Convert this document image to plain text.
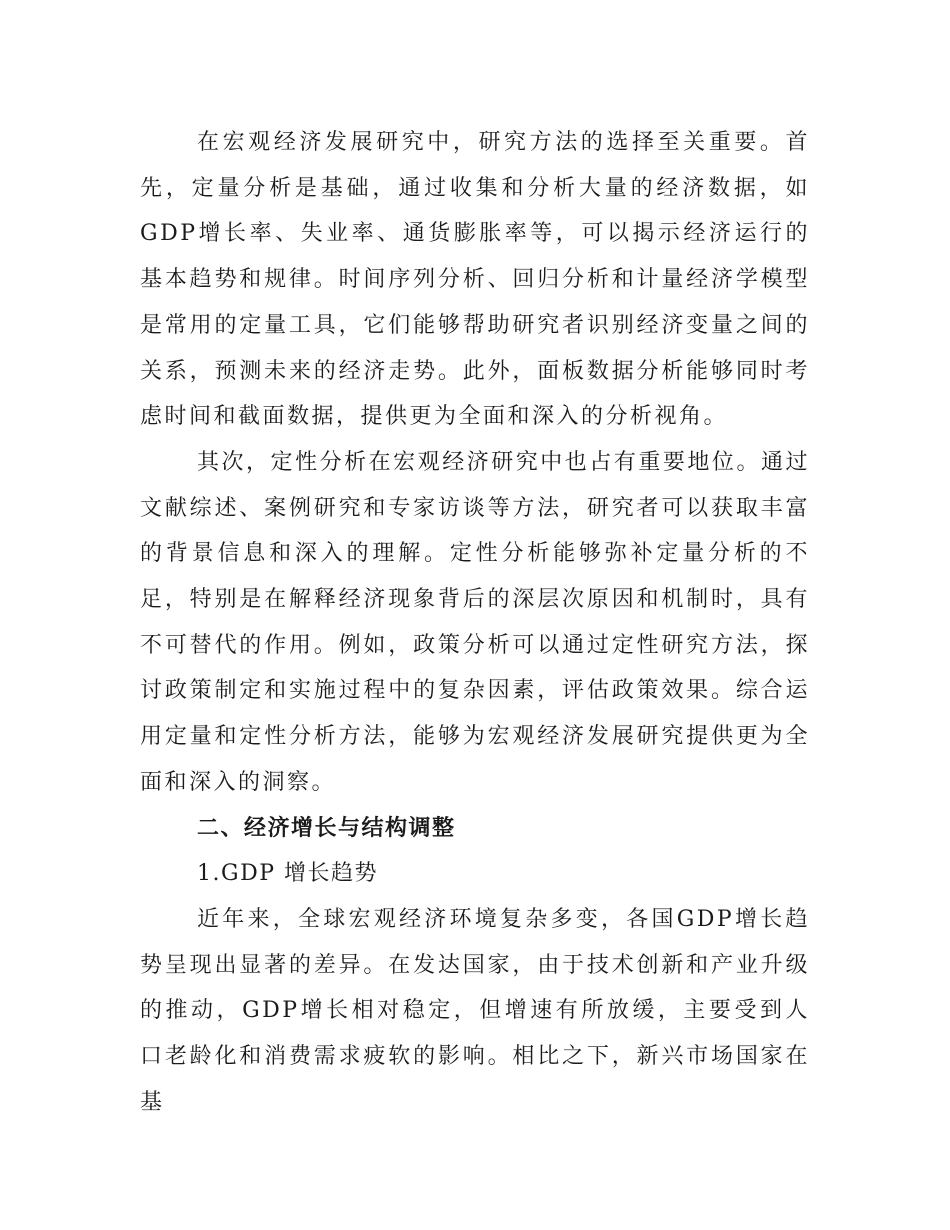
在宏观经济发展研究中，研究方法的选择至关重要。首先，定量分析是基础，通过收集和分析大量的经济数据，如GDP增长率、失业率、通货膨胀率等，可以揭示经济运行的基本趋势和规律。时间序列分析、回归分析和计量经济学模型是常用的定量工具，它们能够帮助研究者识别经济变量之间的关系，预测未来的经济走势。此外，面板数据分析能够同时考虑时间和截面数据，提供更为全面和深入的分析视角。

其次，定性分析在宏观经济研究中也占有重要地位。通过文献综述、案例研究和专家访谈等方法，研究者可以获取丰富的背景信息和深入的理解。定性分析能够弥补定量分析的不足，特别是在解释经济现象背后的深层次原因和机制时，具有不可替代的作用。例如，政策分析可以通过定性研究方法，探讨政策制定和实施过程中的复杂因素，评估政策效果。综合运用定量和定性分析方法，能够为宏观经济发展研究提供更为全面和深入的洞察。

二、经济增长与结构调整

1.GDP 增长趋势

近年来，全球宏观经济环境复杂多变，各国GDP增长趋势呈现出显著的差异。在发达国家，由于技术创新和产业升级的推动，GDP增长相对稳定，但增速有所放缓，主要受到人口老龄化和消费需求疲软的影响。相比之下，新兴市场国家在基
